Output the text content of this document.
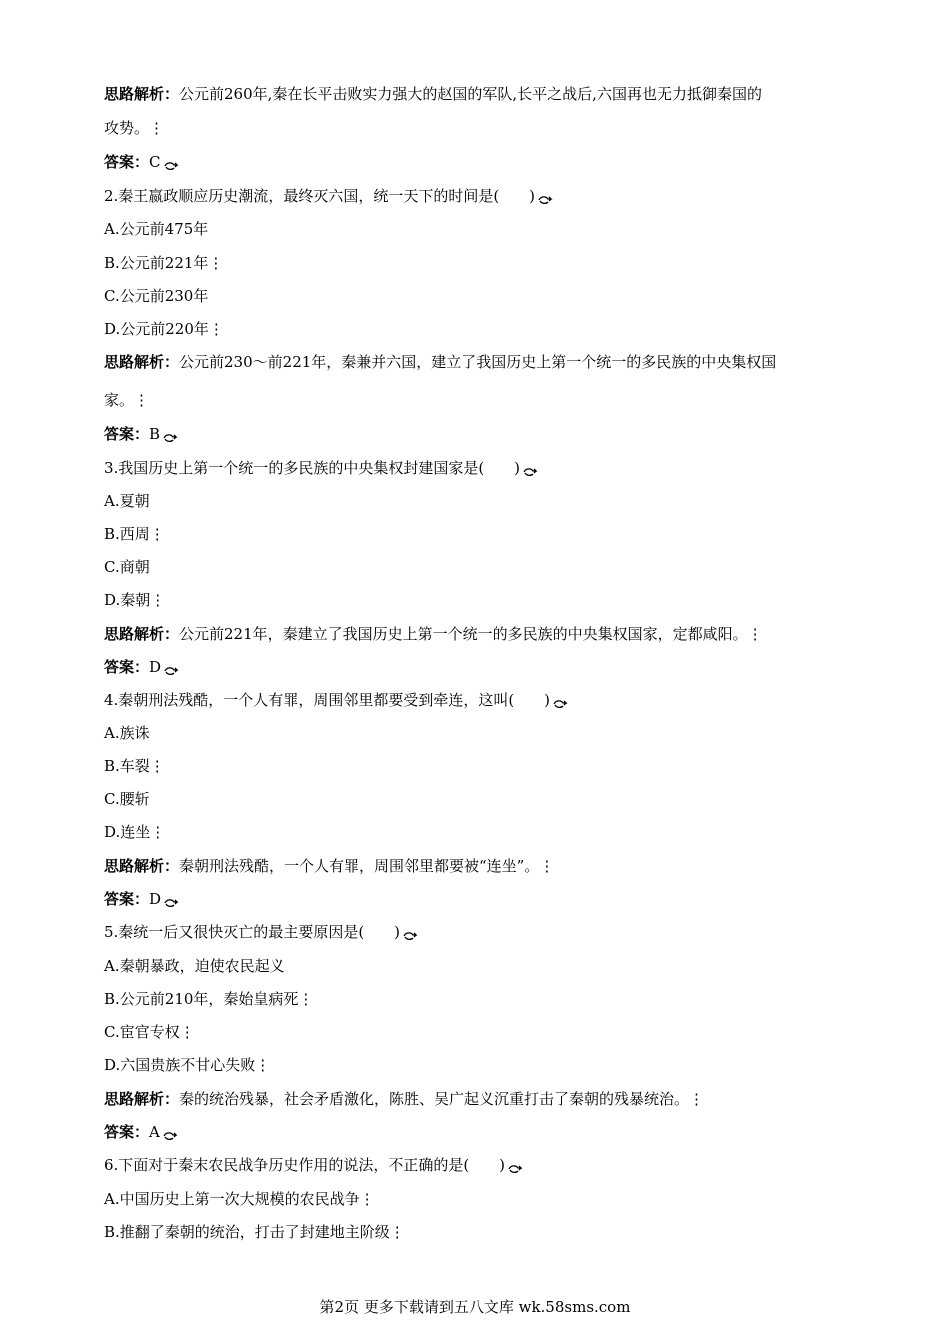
思路解析：公元前260年,秦在长平击败实力强大的赵国的军队,长平之战后,六国再也无力抵御秦国的
攻势。⋮
答案：C
2.秦王嬴政顺应历史潮流，最终灭六国，统一天下的时间是(　　)
A.公元前475年
B.公元前221年⋮
C.公元前230年
D.公元前220年⋮
思路解析：公元前230～前221年，秦兼并六国，建立了我国历史上第一个统一的多民族的中央集权国
家。⋮
答案：B
3.我国历史上第一个统一的多民族的中央集权封建国家是(　　)
A.夏朝
B.西周⋮
C.商朝
D.秦朝⋮
思路解析：公元前221年，秦建立了我国历史上第一个统一的多民族的中央集权国家，定都咸阳。⋮
答案：D
4.秦朝刑法残酷，一个人有罪，周围邻里都要受到牵连，这叫(　　)
A.族诛
B.车裂⋮
C.腰斩
D.连坐⋮
思路解析：秦朝刑法残酷，一个人有罪，周围邻里都要被“连坐”。⋮
答案：D
5.秦统一后又很快灭亡的最主要原因是(　　)
A.秦朝暴政，迫使农民起义
B.公元前210年，秦始皇病死⋮
C.宦官专权⋮
D.六国贵族不甘心失败⋮
思路解析：秦的统治残暴，社会矛盾激化，陈胜、吴广起义沉重打击了秦朝的残暴统治。⋮
答案：A
6.下面对于秦末农民战争历史作用的说法，不正确的是(　　)
A.中国历史上第一次大规模的农民战争⋮
B.推翻了秦朝的统治，打击了封建地主阶级⋮
第2页 更多下载请到五八文库 wk.58sms.com
